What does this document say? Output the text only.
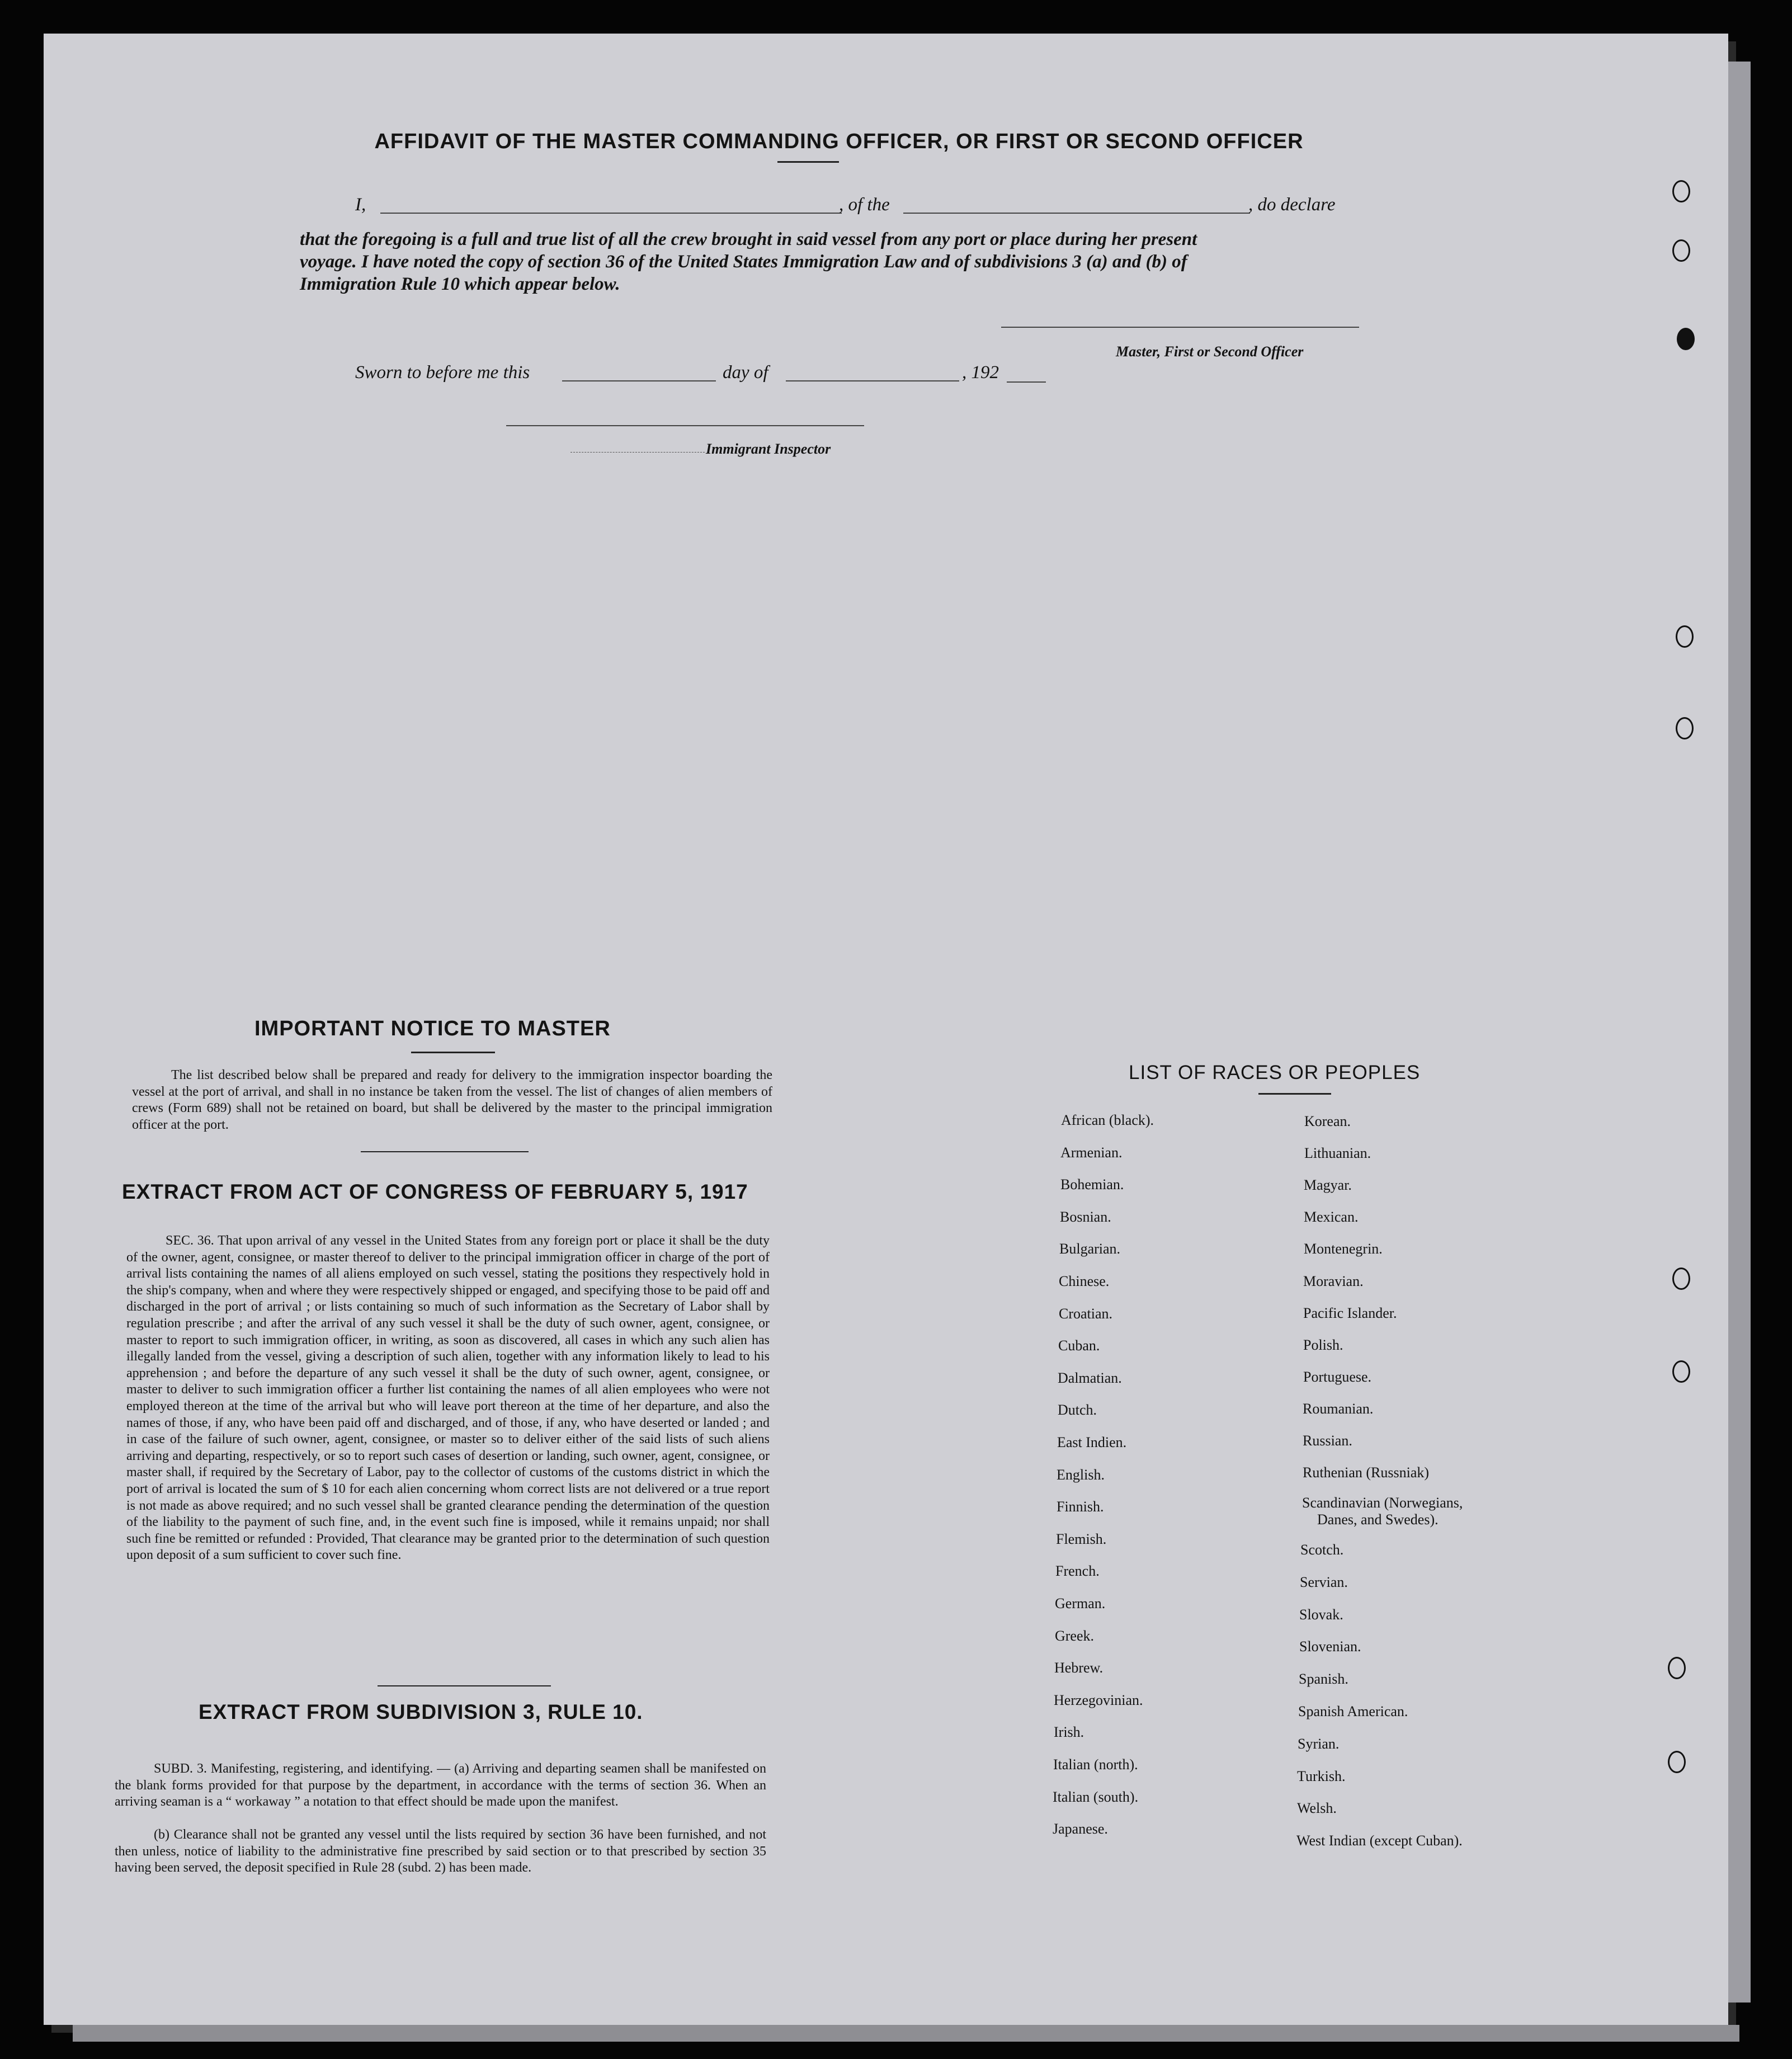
AFFIDAVIT OF THE MASTER COMMANDING OFFICER, OR FIRST OR SECOND OFFICER
I,	, of the	, do declare
that the foregoing is a full and true list of all the crew brought in said vessel from any port or place during her present
voyage. I have noted the copy of section 36 of the United States Immigration Law and of subdivisions 3 (a) and (b) of
Immigration Rule 10 which appear below.
Master, First or Second Officer
Sworn to before me this	day of	, 192
Immigrant Inspector
IMPORTANT NOTICE TO MASTER
The list described below shall be prepared and ready for delivery to the immigration inspector boarding the vessel at the port of arrival, and shall in no instance be taken from the vessel. The list of changes of alien members of crews (Form 689) shall not be retained on board, but shall be delivered by the master to the principal immigration officer at the port.
EXTRACT FROM ACT OF CONGRESS OF FEBRUARY 5, 1917
SEC. 36. That upon arrival of any vessel in the United States from any foreign port or place it shall be the duty of the owner, agent, consignee, or master thereof to deliver to the principal immigration officer in charge of the port of arrival lists containing the names of all aliens employed on such vessel, stating the positions they respectively hold in the ship's company, when and where they were respectively shipped or engaged, and specifying those to be paid off and discharged in the port of arrival ; or lists containing so much of such information as the Secretary of Labor shall by regulation prescribe ; and after the arrival of any such vessel it shall be the duty of such owner, agent, consignee, or master to report to such immigration officer, in writing, as soon as discovered, all cases in which any such alien has illegally landed from the vessel, giving a description of such alien, together with any information likely to lead to his apprehension ; and before the departure of any such vessel it shall be the duty of such owner, agent, consignee, or master to deliver to such immigration officer a further list containing the names of all alien employees who were not employed thereon at the time of the arrival but who will leave port thereon at the time of her departure, and also the names of those, if any, who have been paid off and discharged, and of those, if any, who have deserted or landed ; and in case of the failure of such owner, agent, consignee, or master so to deliver either of the said lists of such aliens arriving and departing, respectively, or so to report such cases of desertion or landing, such owner, agent, consignee, or master shall, if required by the Secretary of Labor, pay to the collector of customs of the customs district in which the port of arrival is located the sum of $ 10 for each alien concerning whom correct lists are not delivered or a true report is not made as above required; and no such vessel shall be granted clearance pending the determination of the question of the liability to the payment of such fine, and, in the event such fine is imposed, while it remains unpaid; nor shall such fine be remitted or refunded : Provided, That clearance may be granted prior to the determination of such question upon deposit of a sum sufficient to cover such fine.
EXTRACT FROM SUBDIVISION 3, RULE 10.
SUBD. 3. Manifesting, registering, and identifying. — (a) Arriving and departing seamen shall be manifested on the blank forms provided for that purpose by the department, in accordance with the terms of section 36. When an arriving seaman is a “ workaway ” a notation to that effect should be made upon the manifest.
(b) Clearance shall not be granted any vessel until the lists required by section 36 have been furnished, and not then unless, notice of liability to the administrative fine prescribed by said section or to that prescribed by section 35 having been served, the deposit specified in Rule 28 (subd. 2) has been made.
LIST OF RACES OR PEOPLES
African (black).
Armenian.
Bohemian.
Bosnian.
Bulgarian.
Chinese.
Croatian.
Cuban.
Dalmatian.
Dutch.
East Indien.
English.
Finnish.
Flemish.
French.
German.
Greek.
Hebrew.
Herzegovinian.
Irish.
Italian (north).
Italian (south).
Japanese.
Korean.
Lithuanian.
Magyar.
Mexican.
Montenegrin.
Moravian.
Pacific Islander.
Polish.
Portuguese.
Roumanian.
Russian.
Ruthenian (Russniak)
Scotch.
Servian.
Slovak.
Slovenian.
Spanish.
Spanish American.
Syrian.
Turkish.
Welsh.
West Indian (except Cuban).
Scandinavian (Norwegians,
Danes, and Swedes).
